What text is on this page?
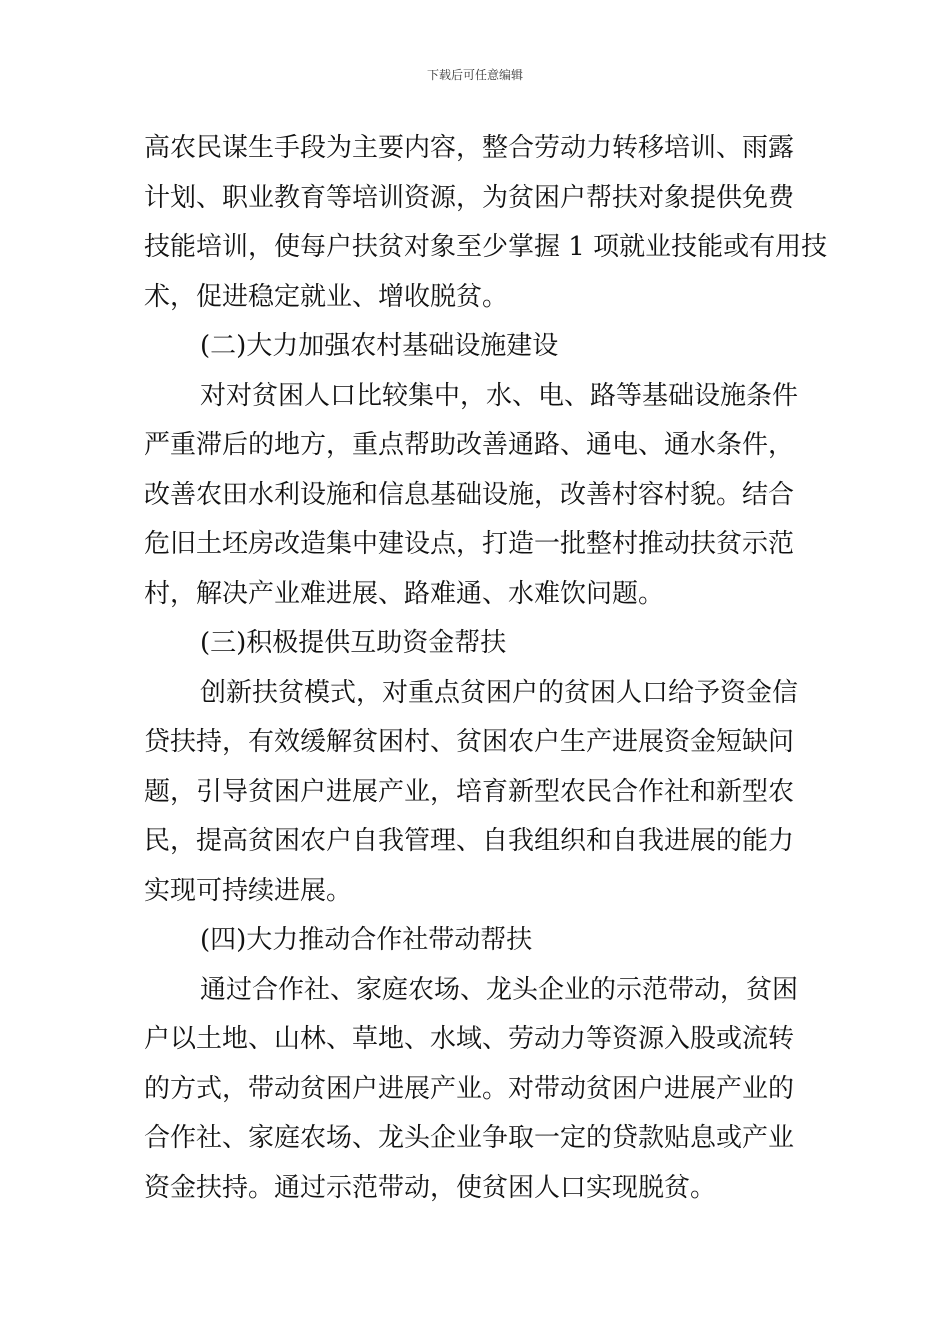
下载后可任意编辑
高农民谋生手段为主要内容，整合劳动力转移培训、雨露
计划、职业教育等培训资源，为贫困户帮扶对象提供免费
技能培训，使每户扶贫对象至少掌握 1 项就业技能或有用技
术，促进稳定就业、增收脱贫。
(二)大力加强农村基础设施建设
对对贫困人口比较集中，水、电、路等基础设施条件
严重滞后的地方，重点帮助改善通路、通电、通水条件，
改善农田水利设施和信息基础设施，改善村容村貌。结合
危旧土坯房改造集中建设点，打造一批整村推动扶贫示范
村，解决产业难进展、路难通、水难饮问题。
(三)积极提供互助资金帮扶
创新扶贫模式，对重点贫困户的贫困人口给予资金信
贷扶持，有效缓解贫困村、贫困农户生产进展资金短缺问
题，引导贫困户进展产业，培育新型农民合作社和新型农
民，提高贫困农户自我管理、自我组织和自我进展的能力
实现可持续进展。
(四)大力推动合作社带动帮扶
通过合作社、家庭农场、龙头企业的示范带动，贫困
户以土地、山林、草地、水域、劳动力等资源入股或流转
的方式，带动贫困户进展产业。对带动贫困户进展产业的
合作社、家庭农场、龙头企业争取一定的贷款贴息或产业
资金扶持。通过示范带动，使贫困人口实现脱贫。
